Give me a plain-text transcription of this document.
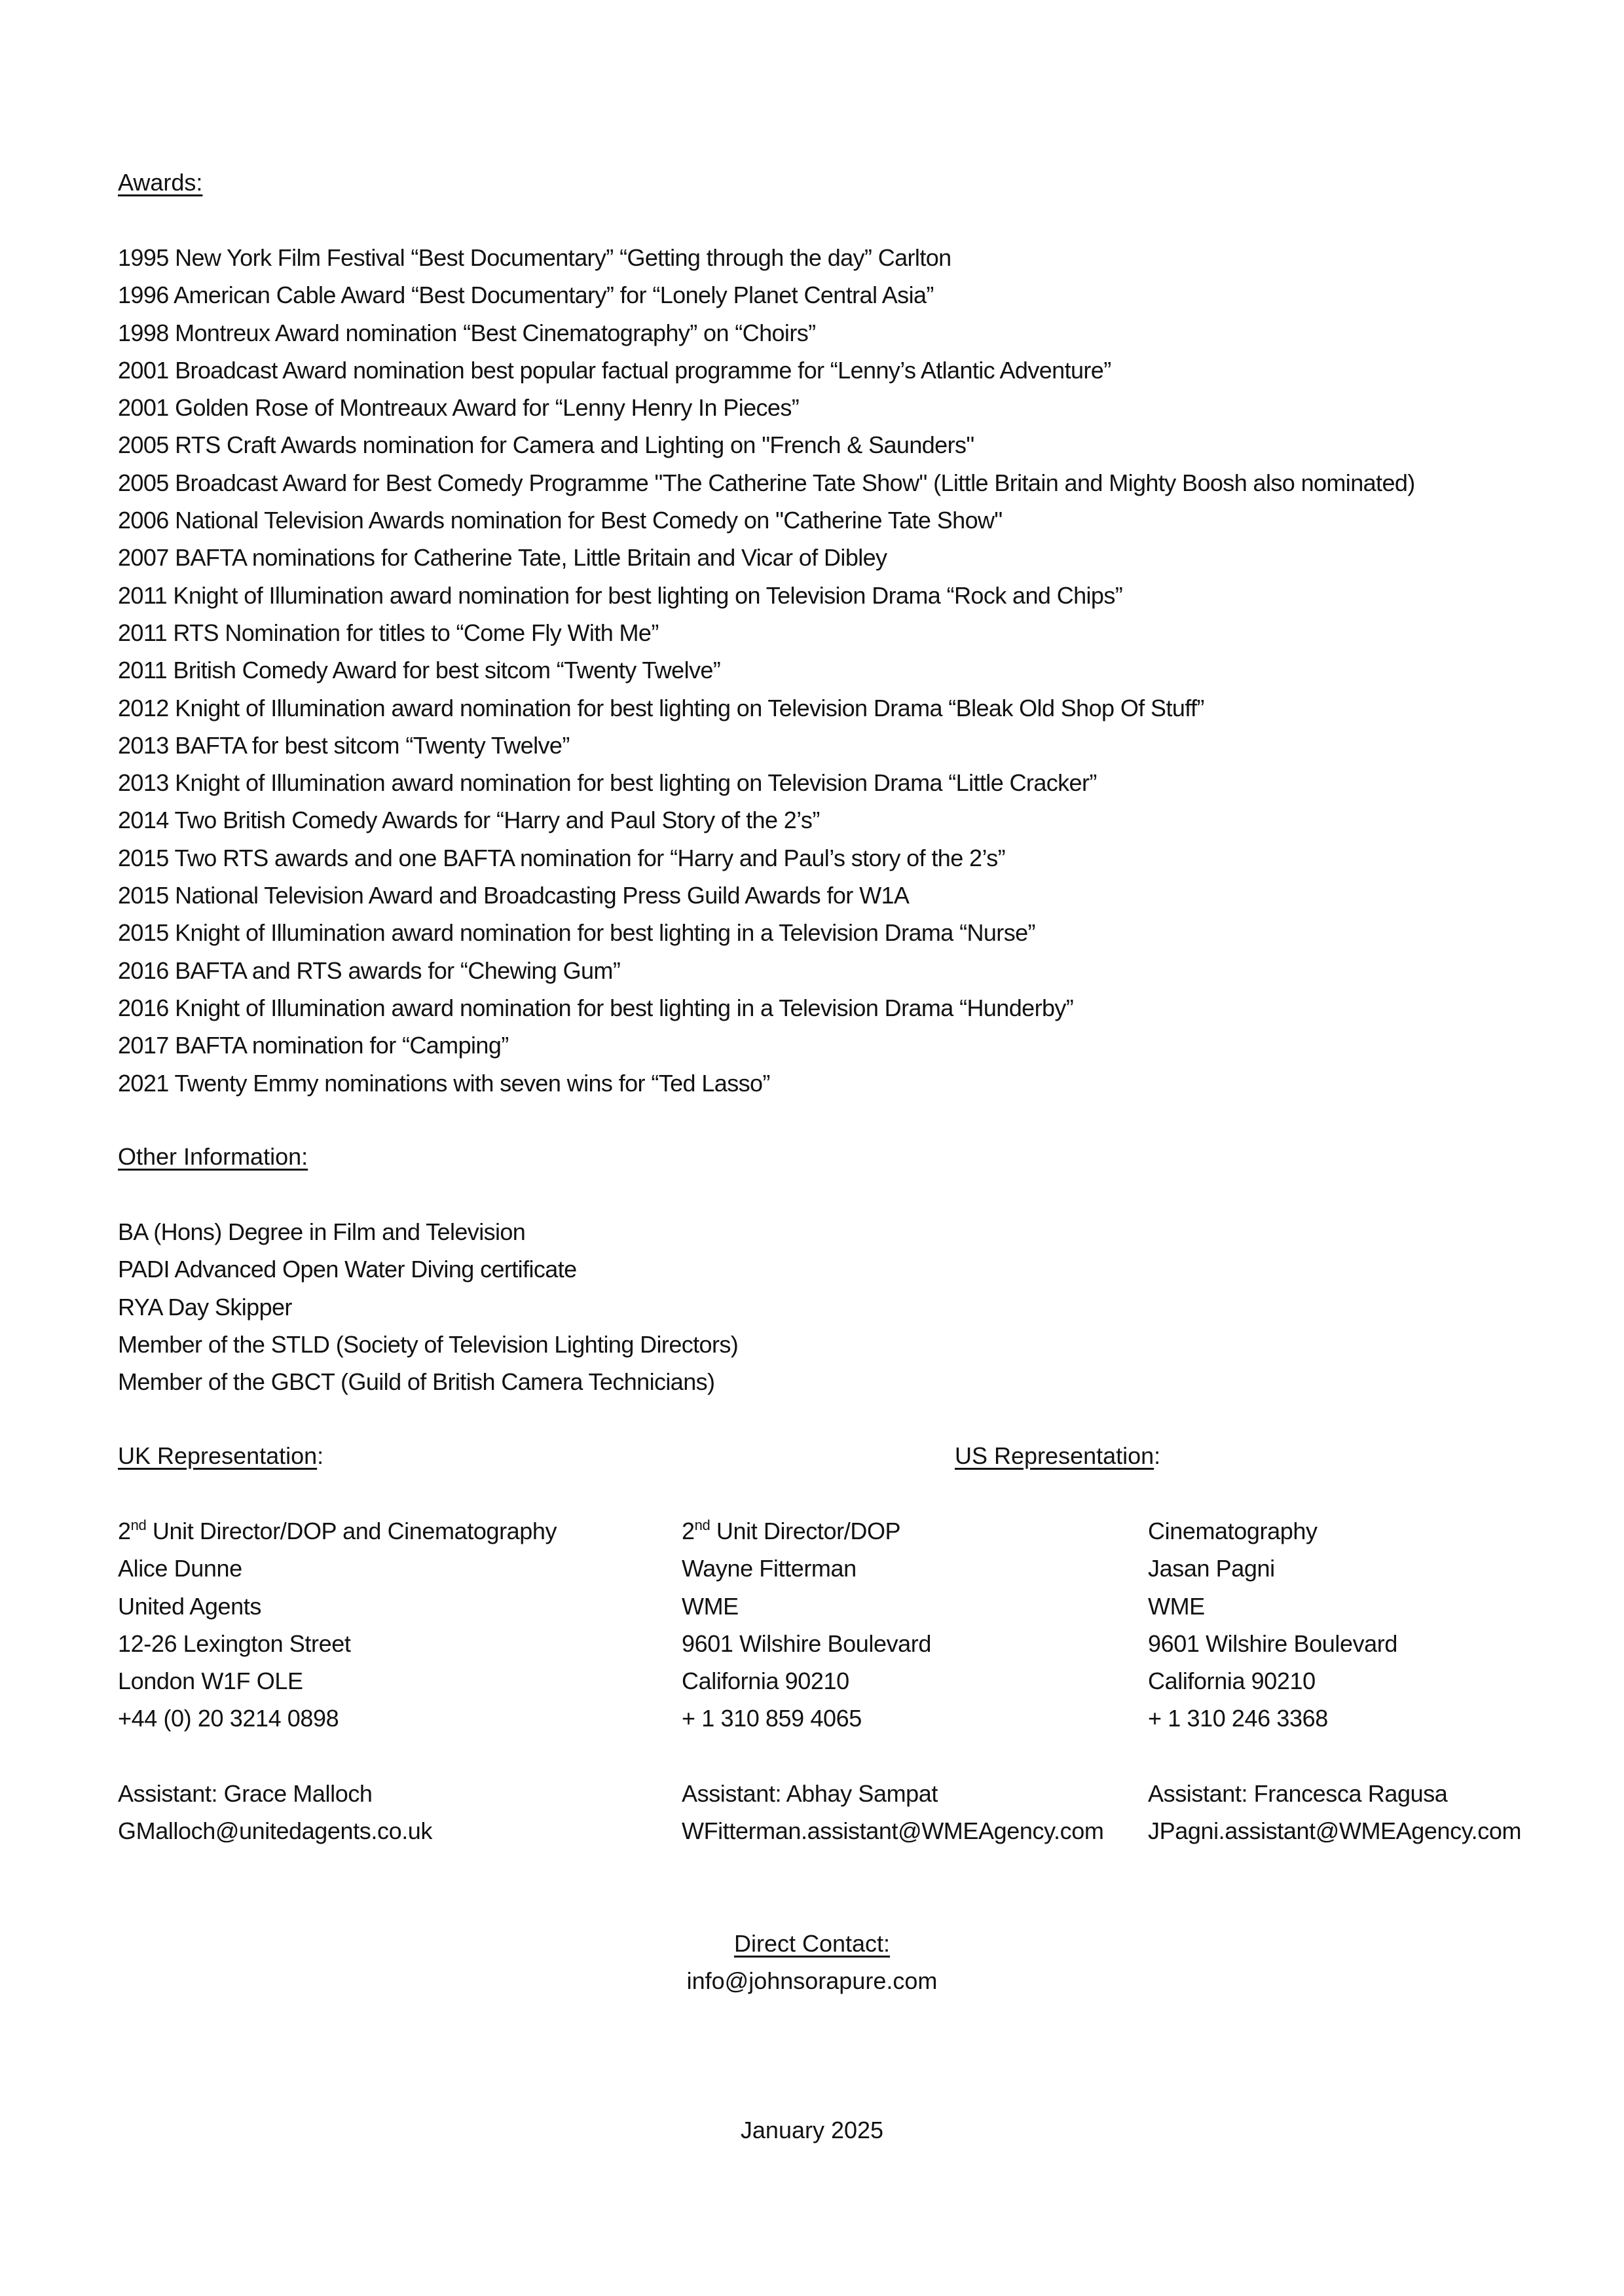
Awards:
1995 New York Film Festival “Best Documentary” “Getting through the day” Carlton
1996 American Cable Award “Best Documentary” for “Lonely Planet Central Asia”
1998 Montreux Award nomination “Best Cinematography” on “Choirs”
2001 Broadcast Award nomination best popular factual programme for “Lenny’s Atlantic Adventure”
2001 Golden Rose of Montreaux Award for “Lenny Henry In Pieces”
2005 RTS Craft Awards nomination for Camera and Lighting on "French & Saunders"
2005 Broadcast Award for Best Comedy Programme "The Catherine Tate Show" (Little Britain and Mighty Boosh also nominated)
2006 National Television Awards nomination for Best Comedy on "Catherine Tate Show"
2007 BAFTA nominations for Catherine Tate, Little Britain and Vicar of Dibley
2011 Knight of Illumination award nomination for best lighting on Television Drama “Rock and Chips”
2011 RTS Nomination for titles to “Come Fly With Me”
2011 British Comedy Award for best sitcom “Twenty Twelve”
2012 Knight of Illumination award nomination for best lighting on Television Drama “Bleak Old Shop Of Stuff”
2013 BAFTA for best sitcom “Twenty Twelve”
2013 Knight of Illumination award nomination for best lighting on Television Drama “Little Cracker”
2014 Two British Comedy Awards for “Harry and Paul Story of the 2’s”
2015 Two RTS awards and one BAFTA nomination for “Harry and Paul’s story of the 2’s”
2015 National Television Award and Broadcasting Press Guild Awards for W1A
2015 Knight of Illumination award nomination for best lighting in a Television Drama “Nurse”
2016 BAFTA and RTS awards for “Chewing Gum”
2016 Knight of Illumination award nomination for best lighting in a Television Drama “Hunderby”
2017 BAFTA nomination for “Camping”
2021 Twenty Emmy nominations with seven wins for “Ted Lasso”
Other Information:
BA (Hons) Degree in Film and Television
PADI Advanced Open Water Diving certificate
RYA Day Skipper
Member of the STLD (Society of Television Lighting Directors)
Member of the GBCT (Guild of British Camera Technicians)
UK Representation:	US Representation:
2nd Unit Director/DOP and Cinematography
Alice Dunne
United Agents
12-26 Lexington Street
London W1F OLE
+44 (0) 20 3214 0898
Assistant: Grace Malloch
GMalloch@unitedagents.co.uk
2nd Unit Director/DOP
Wayne Fitterman
WME
9601 Wilshire Boulevard
California 90210
+ 1 310 859 4065
Assistant: Abhay Sampat
WFitterman.assistant@WMEAgency.com
Cinematography
Jasan Pagni
WME
9601 Wilshire Boulevard
California 90210
+ 1 310 246 3368
Assistant: Francesca Ragusa
JPagni.assistant@WMEAgency.com
Direct Contact:
info@johnsorapure.com
January 2025
